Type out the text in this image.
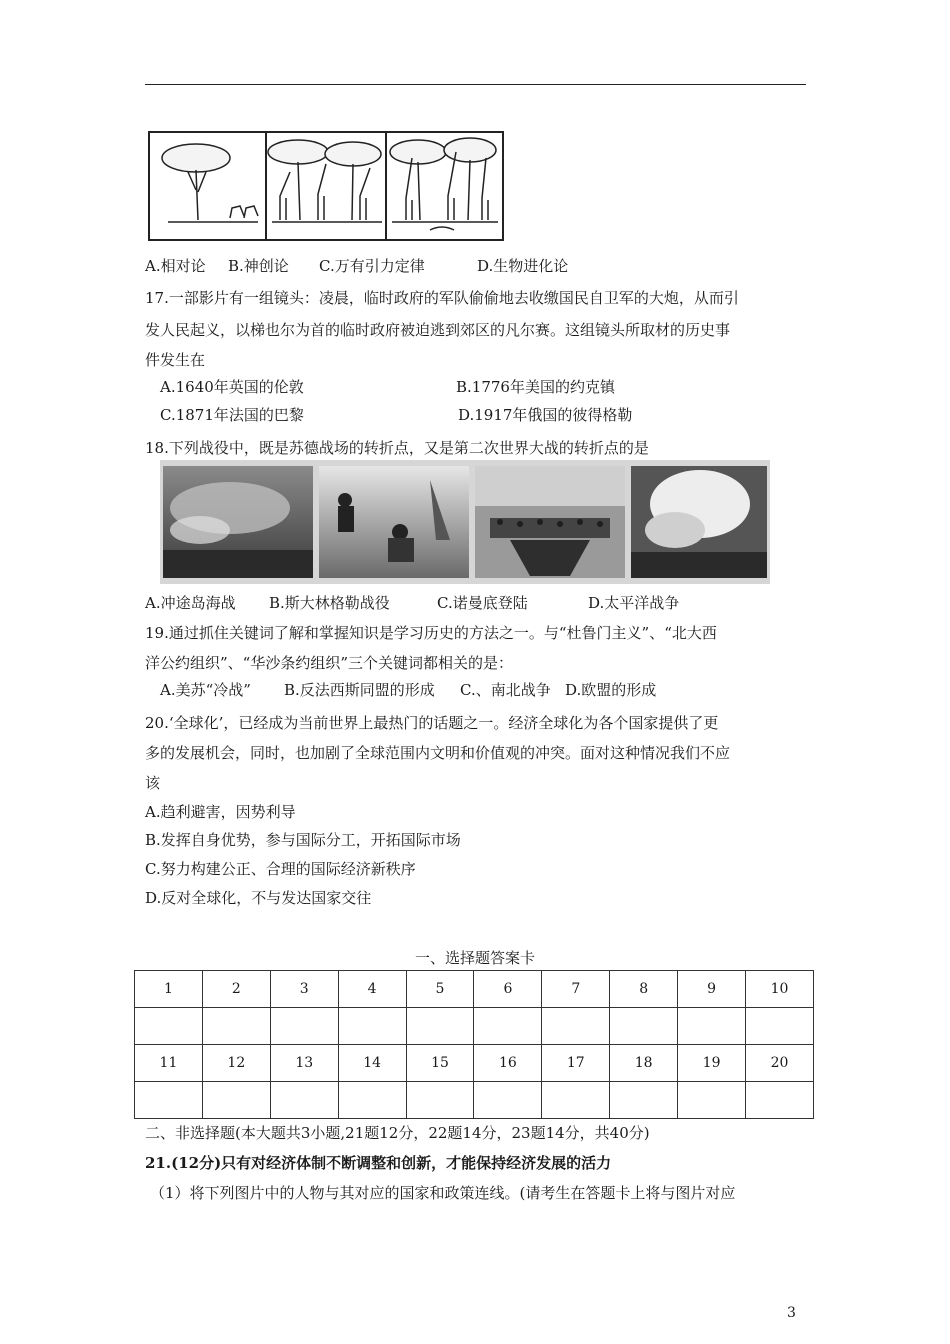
A.相对论 B.神创论 C.万有引力定律	D.生物进化论
17.一部影片有一组镜头：凌晨，临时政府的军队偷偷地去收缴国民自卫军的大炮，从而引
发人民起义，以梯也尔为首的临时政府被迫逃到郊区的凡尔赛。这组镜头所取材的历史事
件发生在
A.1640年英国的伦敦	B.1776年美国的约克镇
C.1871年法国的巴黎	D.1917年俄国的彼得格勒
18.下列战役中，既是苏德战场的转折点，又是第二次世界大战的转折点的是
A.冲途岛海战 B.斯大林格勒战役	C.诺曼底登陆	D.太平洋战争
19.通过抓住关键词了解和掌握知识是学习历史的方法之一。与“杜鲁门主义”、“北大西
洋公约组织”、“华沙条约组织”三个关键词都相关的是：
A.美苏“冷战” B.反法西斯同盟的形成 C.、南北战争 D.欧盟的形成
20.‘全球化’，已经成为当前世界上最热门的话题之一。经济全球化为各个国家提供了更
多的发展机会，同时，也加剧了全球范围内文明和价值观的冲突。面对这种情况我们不应
该
A.趋利避害，因势利导
B.发挥自身优势，参与国际分工，开拓国际市场
C.努力构建公正、合理的国际经济新秩序
D.反对全球化，不与发达国家交往
一、选择题答案卡
1	2	3	4	5	6	7	8	9	10

11	12	13	14	15	16	17	18	19	20

二、非选择题(本大题共3小题,21题12分，22题14分，23题14分，共40分)
21.(12分)只有对经济体制不断调整和创新，才能保持经济发展的活力
（1）将下列图片中的人物与其对应的国家和政策连线。(请考生在答题卡上将与图片对应
3
